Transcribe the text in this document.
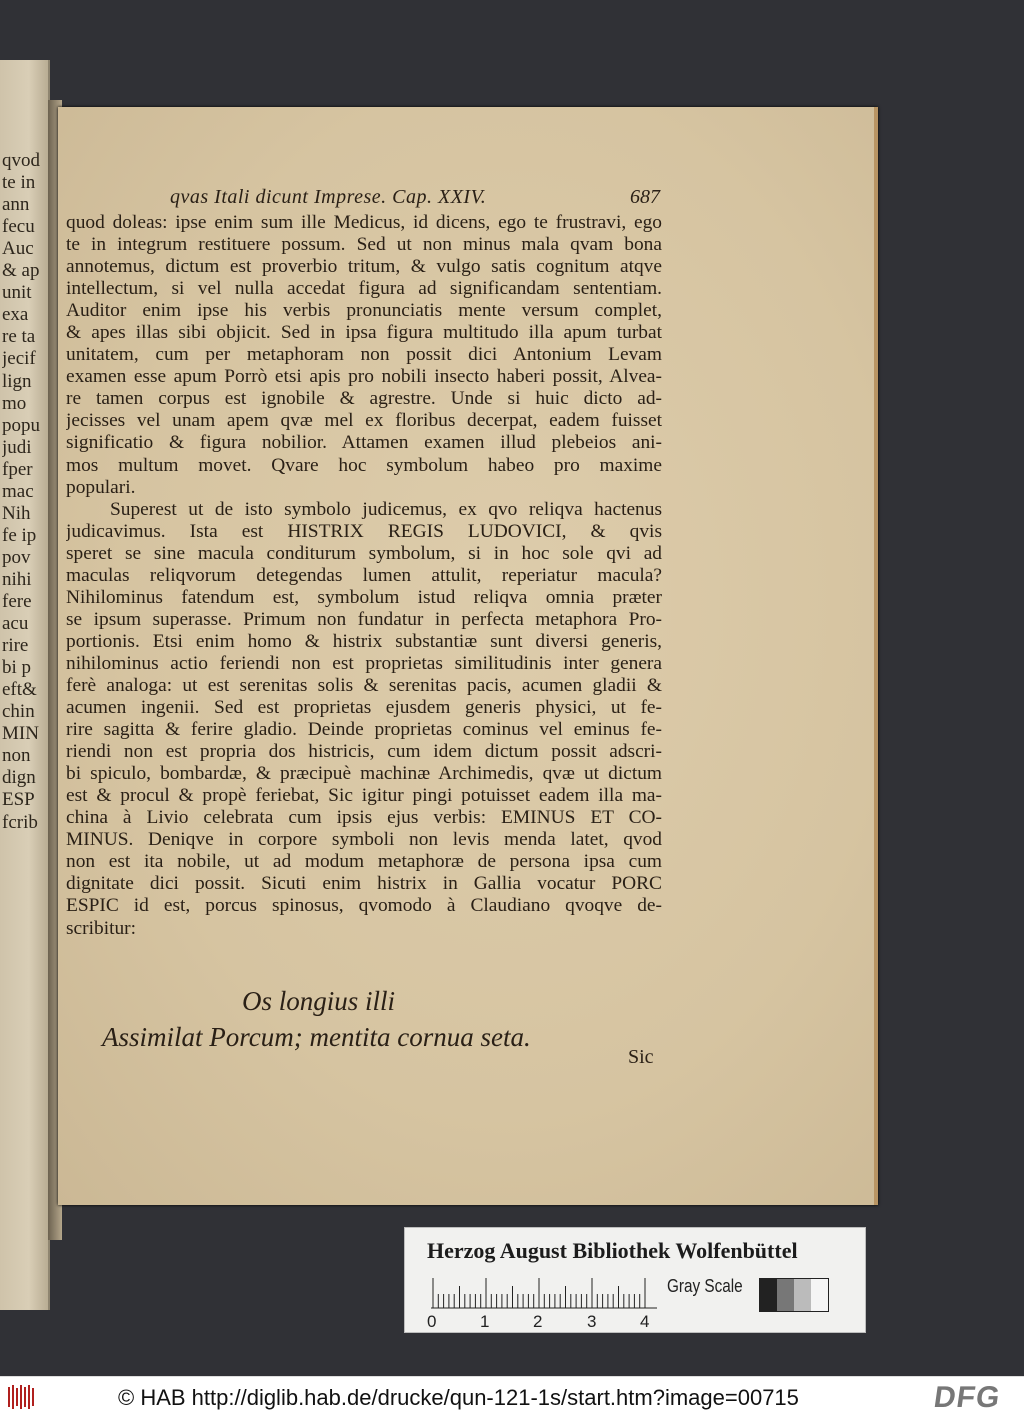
qvod
te in
ann
fecu
Auc
& ap
unit
exa
re ta
jecif
lign
mo
popu
judi
fper
mac
Nih
fe ip
pov
nihi
fere
acu
rire
bi p
eft&
chin
MIN
non
dign
ESP
fcrib
qvas Itali dicunt Imprese. Cap. XXIV.	687
quod doleas: ipse enim sum ille Medicus, id dicens, ego te frustravi, ego
te in integrum restituere possum. Sed ut non minus mala qvam bona
annotemus, dictum est proverbio tritum, & vulgo satis cognitum atqve
intellectum, si vel nulla accedat figura ad significandam sententiam.
Auditor enim ipse his verbis pronunciatis mente versum complet,
& apes illas sibi objicit. Sed in ipsa figura multitudo illa apum turbat
unitatem, cum per metaphoram non possit dici Antonium Levam
examen esse apum Porrò etsi apis pro nobili insecto haberi possit, Alvea-
re tamen corpus est ignobile & agrestre. Unde si huic dicto ad-
jecisses vel unam apem qvæ mel ex floribus decerpat, eadem fuisset
significatio & figura nobilior. Attamen examen illud plebeios ani-
mos multum movet. Qvare hoc symbolum habeo pro maxime
populari.
Superest ut de isto symbolo judicemus, ex qvo reliqva hactenus
judicavimus. Ista est HISTRIX REGIS LUDOVICI, & qvis
speret se sine macula conditurum symbolum, si in hoc sole qvi ad
maculas reliqvorum detegendas lumen attulit, reperiatur macula?
Nihilominus fatendum est, symbolum istud reliqva omnia præter
se ipsum superasse. Primum non fundatur in perfecta metaphora Pro-
portionis. Etsi enim homo & histrix substantiæ sunt diversi generis,
nihilominus actio feriendi non est proprietas similitudinis inter genera
ferè analoga: ut est serenitas solis & serenitas pacis, acumen gladii &
acumen ingenii. Sed est proprietas ejusdem generis physici, ut fe-
rire sagitta & ferire gladio. Deinde proprietas cominus vel eminus fe-
riendi non est propria dos histricis, cum idem dictum possit adscri-
bi spiculo, bombardæ, & præcipuè machinæ Archimedis, qvæ ut dictum
est & procul & propè feriebat, Sic igitur pingi potuisset eadem illa ma-
china à Livio celebrata cum ipsis ejus verbis: EMINUS ET CO-
MINUS. Deniqve in corpore symboli non levis menda latet, qvod
non est ita nobile, ut ad modum metaphoræ de persona ipsa cum
dignitate dici possit. Sicuti enim histrix in Gallia vocatur PORC
ESPIC id est, porcus spinosus, qvomodo à Claudiano qvoqve de-
scribitur:
Os longius illi
Assimilat Porcum; mentita cornua seta.
Sic
Herzog August Bibliothek Wolfenbüttel
0	1	2	3	4
Gray Scale
© HAB http://diglib.hab.de/drucke/qun-121-1s/start.htm?image=00715	DFG
